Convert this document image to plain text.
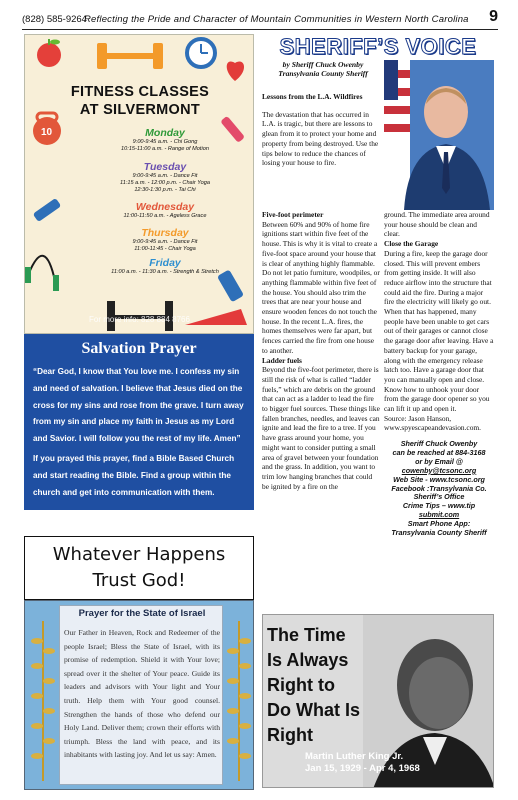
(828) 585-9264
Reflecting the Pride and Character of Mountain Communities in Western North Carolina 9
10
FITNESS CLASSES
AT SILVERMONT
Monday
9:00-9:45 a.m. - Chi Gong
10:15-11:00 a.m. - Range of Motion
Tuesday
9:00-9:45 a.m. - Dance Fit
11:15 a.m. - 12:00 p.m. - Chair Yoga
12:30-1:30 p.m. - Tai Chi
Wednesday
11:00-11:50 a.m. - Ageless Grace
Thursday
9:00-9:45 a.m. - Dance Fit
11:00-11:45 - Chair Yoga
Friday
11:00 a.m. - 11:30 a.m. - Strength & Stretch
For more info: 828 884 8766
Salvation Prayer
“Dear God, I know that You love me. I confess my sin and need of salvation. I believe that Jesus died on the cross for my sins and rose from the grave. I turn away from my sin and place my faith in Jesus as my Lord and Savior. I will follow you the rest of my life. Amen”
If you prayed this prayer, find a Bible Based Church and start reading the Bible. Find a group within the church and get into communication with them.
Whatever Happens
Trust God!
Prayer for the State of Israel
Our Father in Heaven, Rock and Redeemer of the people Israel; Bless the State of Israel, with its promise of redemption. Shield it with Your love; spread over it the shelter of Your peace. Guide its leaders and advisors with Your light and Your truth. Help them with Your good counsel. Strengthen the hands of those who defend our Holy Land. Deliver them; crown their efforts with triumph. Bless the land with peace, and its inhabitants with lasting joy. And let us say: Amen.
SHERIFF’S VOICE
by Sheriff Chuck Owenby
Transylvania County Sheriff
Lessons from the L.A. Wildfires
The devastation that has occurred in L.A. is tragic, but there are lessons to glean from it to protect your home and property from being destroyed. Use the tips below to reduce the chances of losing your house to fire.
Five-foot perimeter
Between 60% and 90% of home fire ignitions start within five feet of the house. This is why it is vital to create a five-foot space around your house that is clear of anything highly flammable. Do not let patio furniture, woodpiles, or anything flammable within five feet of the house. You should also trim the trees that are near your house and ensure wooden fences do not touch the house. In the recent L.A. fires, the homes themselves were far apart, but fences carried the fire from one house to another.
Ladder fuels
Beyond the five-foot perimeter, there is still the risk of what is called “ladder fuels,” which are debris on the ground that can act as a ladder to lead the fire to bigger fuel sources. These things like fallen branches, needles, and leaves can ignite and lead the fire to a tree. If you have grass around your home, you might want to consider putting a small area of gravel between your foundation and the grass. In addition, you want to trim low hanging branches that could be ignited by a fire on the
ground. The immediate area around your house should be clean and clear.
Close the Garage
During a fire, keep the garage door closed. This will prevent embers from getting inside. It will also reduce airflow into the structure that could aid the fire. During a major fire the electricity will likely go out. When that has happened, many people have been unable to get cars out of their garages or cannot close the garage door after leaving. Have a battery backup for your garage, along with the emergency release latch too. Have a garage door that you can manually open and close. Know how to unhook your door from the garage door opener so you can lift it up and open it.
Source: Jason Hanson, www.spyescapeandevasion.com.
Sheriff Chuck Owenby
can be reached at 884-3168
or by Email @
cowenby@tcsonc.org
Web Site - www.tcsonc.org
Facebook :Transylvania Co.
Sheriff’s Office
Crime Tips – www.tip
submit.com
Smart Phone App:
Transylvania County Sheriff
The Time
Is Always
Right to
Do What Is
Right
Martin Luther King Jr.
Jan 15, 1929 - Apr 4, 1968
